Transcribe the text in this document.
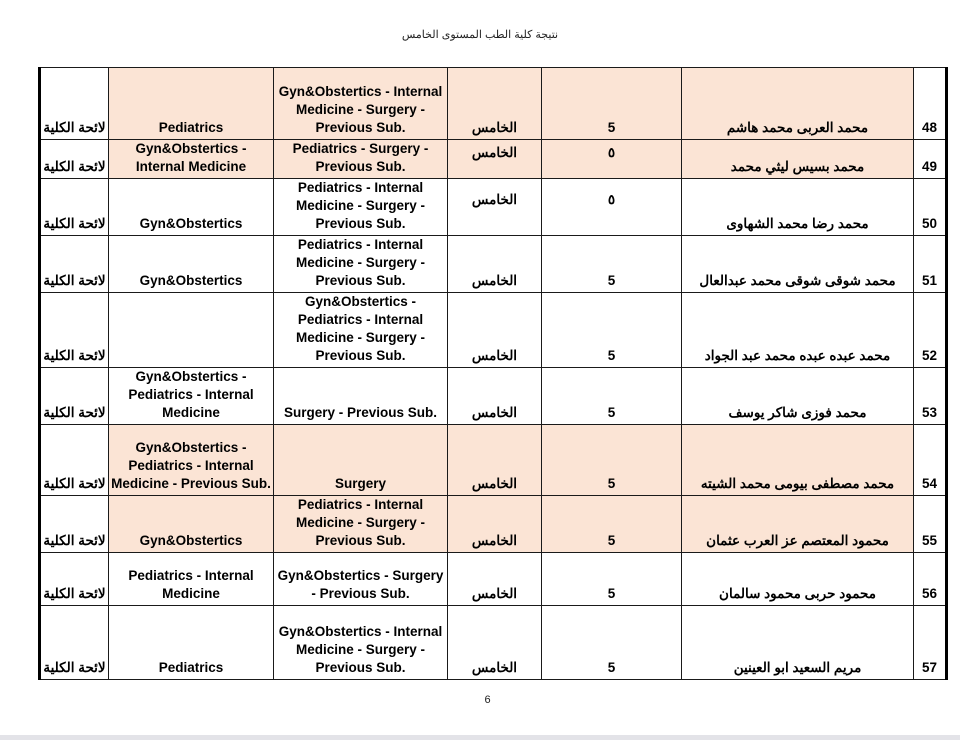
نتيجة كلية الطب المستوى الخامس
لائحة الكلية	Pediatrics	Gyn&Obstertics - Internal Medicine - Surgery - Previous Sub.	الخامس	5	محمد العربى محمد هاشم	48
لائحة الكلية	Gyn&Obstertics - Internal Medicine	Pediatrics - Surgery - Previous Sub.	الخامس	٥	محمد بسيس ليثي محمد	49
لائحة الكلية	Gyn&Obstertics	Pediatrics - Internal Medicine - Surgery - Previous Sub.	الخامس	٥	محمد رضا محمد الشهاوى	50
لائحة الكلية	Gyn&Obstertics	Pediatrics - Internal Medicine - Surgery - Previous Sub.	الخامس	5	محمد شوقى شوقى محمد عبدالعال	51
لائحة الكلية		Gyn&Obstertics - Pediatrics - Internal Medicine - Surgery - Previous Sub.	الخامس	5	محمد عبده عبده محمد عبد الجواد	52
لائحة الكلية	Gyn&Obstertics - Pediatrics - Internal Medicine	Surgery - Previous Sub.	الخامس	5	محمد فوزى شاكر يوسف	53
لائحة الكلية	Gyn&Obstertics - Pediatrics - Internal Medicine - Previous Sub.	Surgery	الخامس	5	محمد مصطفى بيومى محمد الشيته	54
لائحة الكلية	Gyn&Obstertics	Pediatrics - Internal Medicine - Surgery - Previous Sub.	الخامس	5	محمود المعتصم عز العرب عثمان	55
لائحة الكلية	Pediatrics - Internal Medicine	Gyn&Obstertics - Surgery - Previous Sub.	الخامس	5	محمود حربى محمود سالمان	56
لائحة الكلية	Pediatrics	Gyn&Obstertics - Internal Medicine - Surgery - Previous Sub.	الخامس	5	مريم السعيد ابو العينين	57
6
